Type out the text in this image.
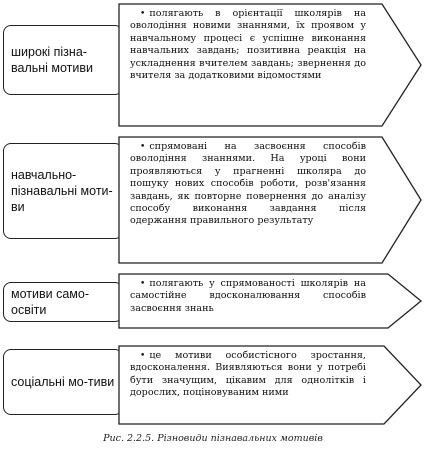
широкі пізна-вальні мотиви
• полягають в орієнтації школярів на оволодіння новими знаннями, їх проявом у навчальному процесі є успішне виконання навчальних завдань; позитивна реакція на ускладнення вчителем завдань; звернення до вчителя за додатковими відомостями
навчально-пізнавальні моти-ви
• спрямовані на засвоєння способів оволодіння знаннями. На уроці вони проявляються у прагненні школяра до пошуку нових способів роботи, розв'язання завдань, як повторне повернення до аналізу способу виконання завдання після одержання правильного результату
мотиви само-освіти
• полягають у спрямованості школярів на самостійне вдосконалювання способів засвоєння знань
соціальні мо-тиви
• це мотиви особистісного зростання, вдосконалення. Виявляються вони у потребі бути значущим, цікавим для однолітків і дорослих, поціновуваним ними
Рис. 2.2.5. Різновиди пізнавальних мотивів
